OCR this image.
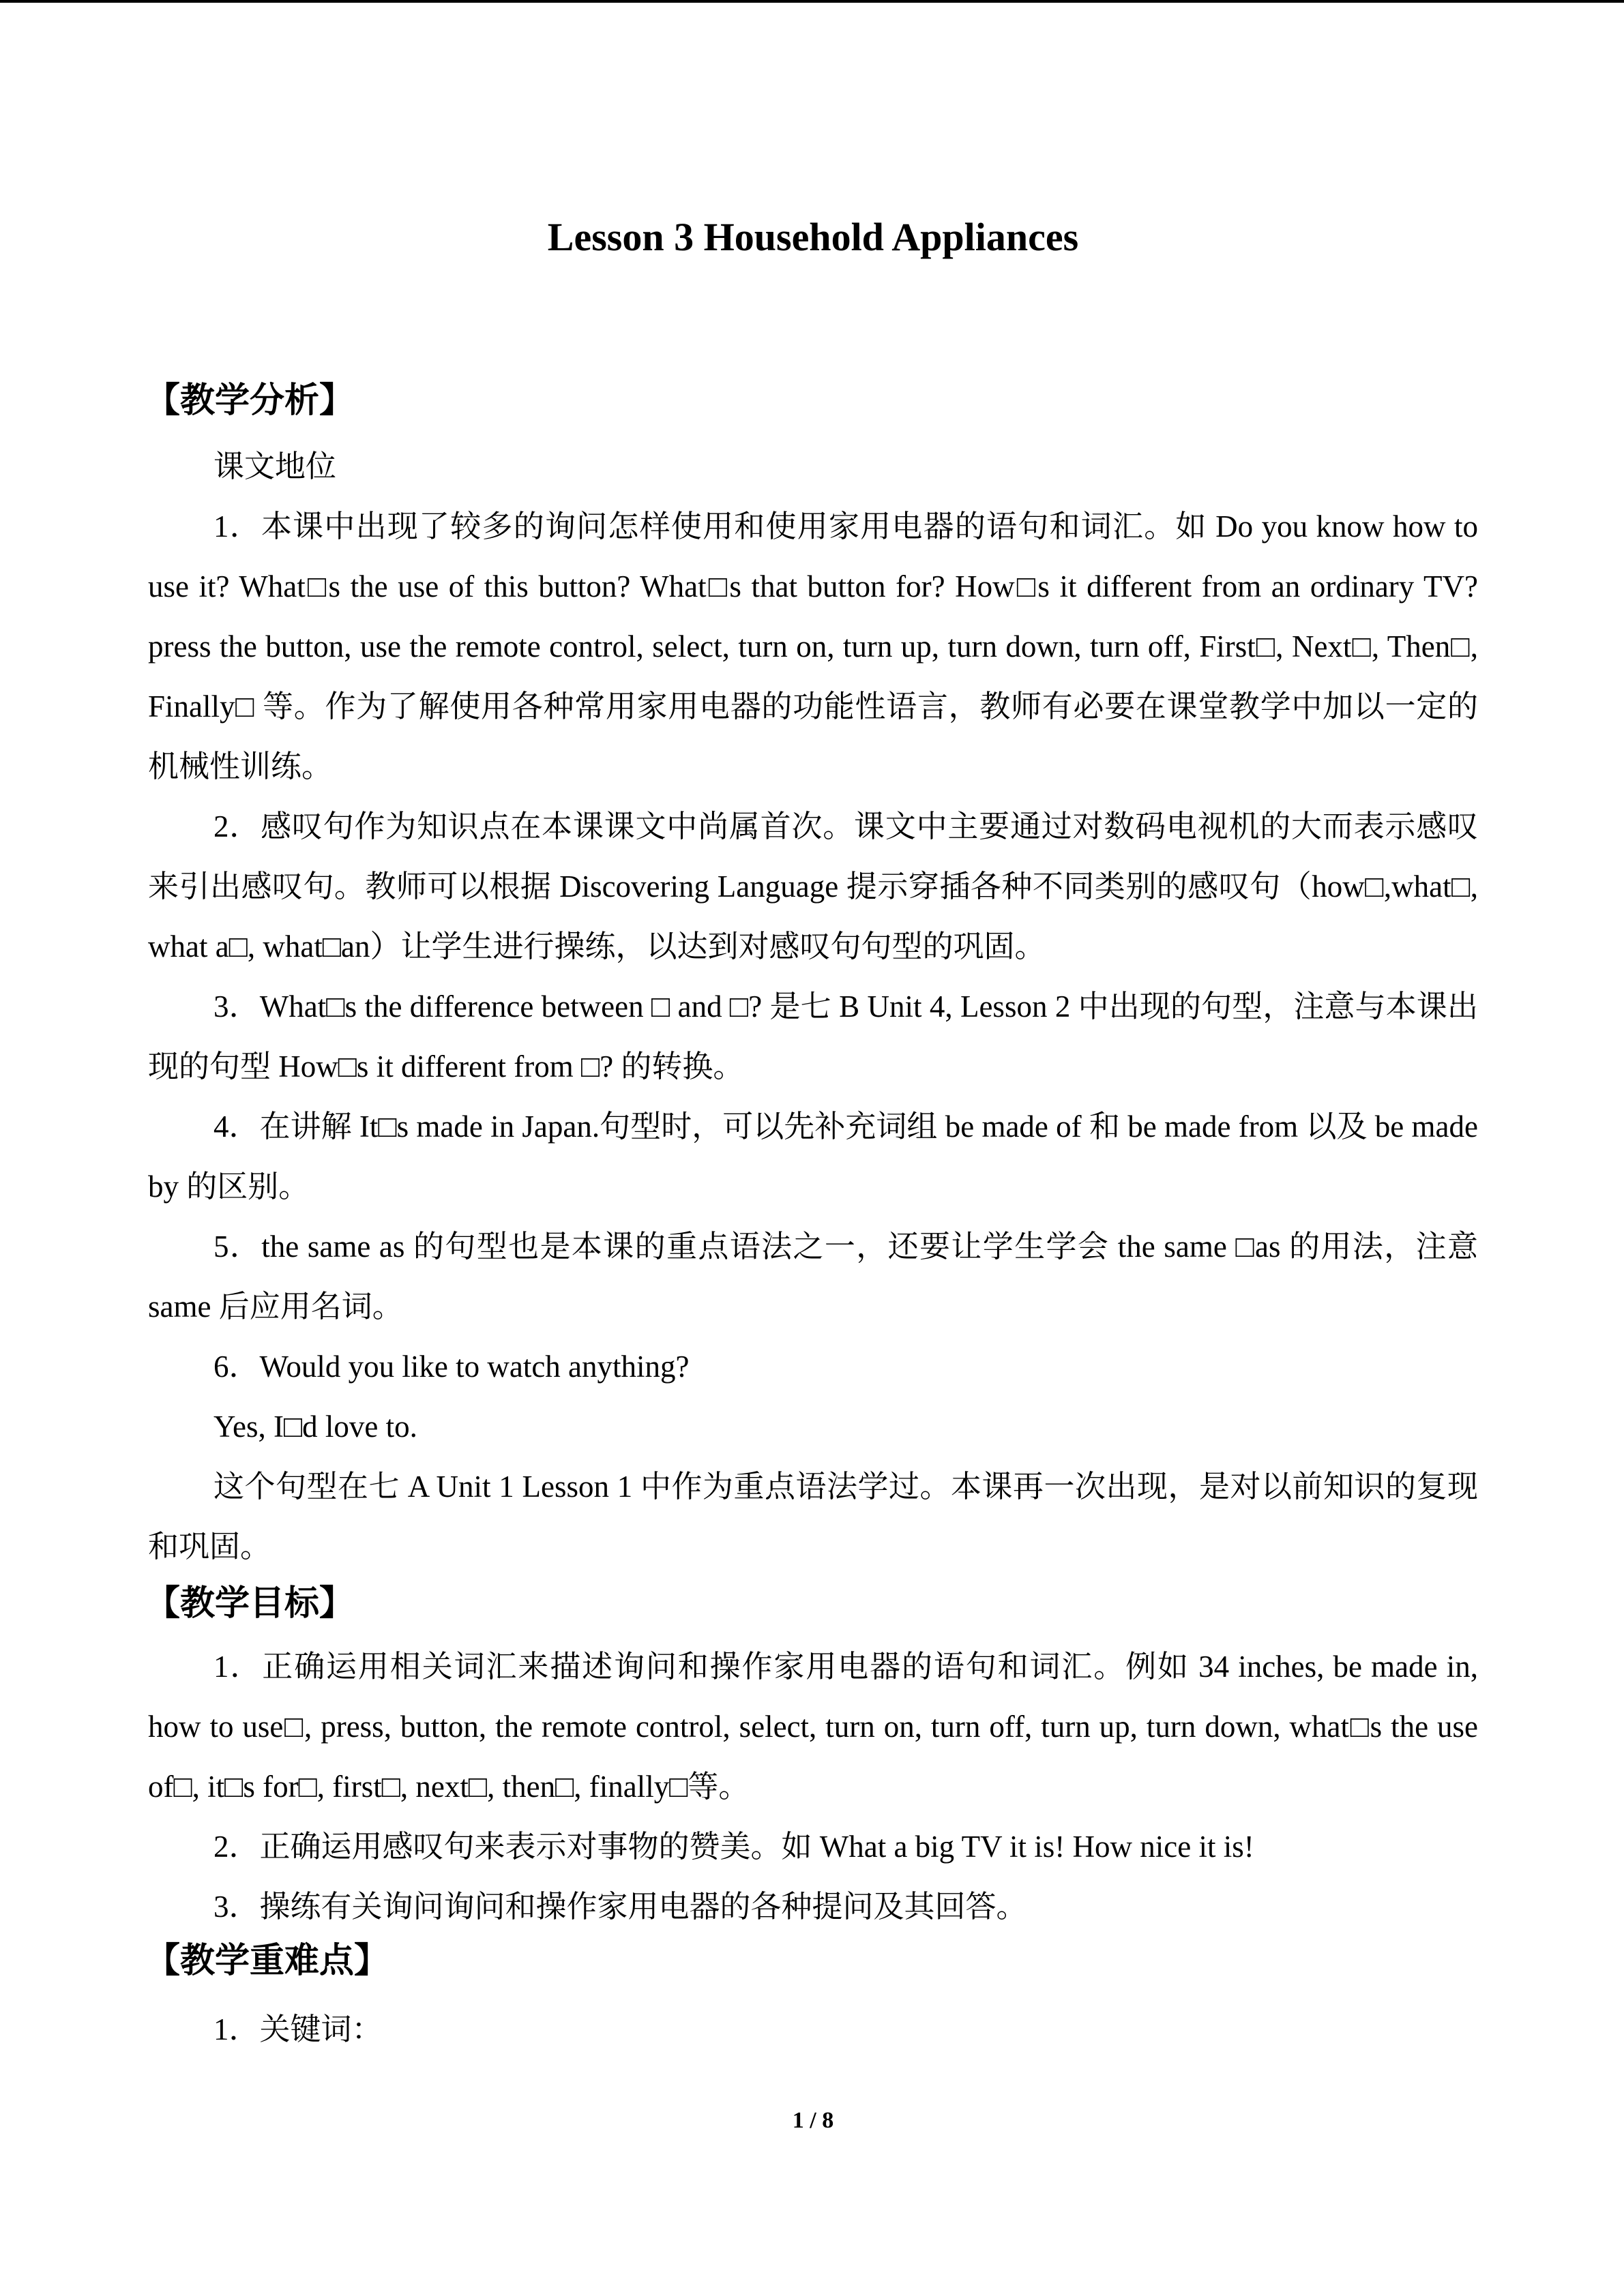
Lesson 3 Household Appliances
【教学分析】
课文地位
1．本课中出现了较多的询问怎样使用和使用家用电器的语句和词汇。如 Do you know how to use it? What□s the use of this button? What□s that button for? How□s it different from an ordinary TV? press the button, use the remote control, select, turn on, turn up, turn down, turn off, First□, Next□, Then□, Finally□ 等。作为了解使用各种常用家用电器的功能性语言，教师有必要在课堂教学中加以一定的机械性训练。
2．感叹句作为知识点在本课课文中尚属首次。课文中主要通过对数码电视机的大而表示感叹来引出感叹句。教师可以根据 Discovering Language 提示穿插各种不同类别的感叹句（how□,what□, what a□, what□an）让学生进行操练，以达到对感叹句句型的巩固。
3．What□s the difference between □ and □? 是七 B Unit 4, Lesson 2 中出现的句型，注意与本课出现的句型 How□s it different from □? 的转换。
4．在讲解 It□s made in Japan.句型时，可以先补充词组 be made of 和 be made from 以及 be made by 的区别。
5．the same as 的句型也是本课的重点语法之一，还要让学生学会 the same □as 的用法，注意 same 后应用名词。
6．Would you like to watch anything?
Yes, I□d love to.
这个句型在七 A Unit 1 Lesson 1 中作为重点语法学过。本课再一次出现，是对以前知识的复现和巩固。
【教学目标】
1．正确运用相关词汇来描述询问和操作家用电器的语句和词汇。例如 34 inches, be made in, how to use□, press, button, the remote control, select, turn on, turn off, turn up, turn down, what□s the use of□, it□s for□, first□, next□, then□, finally□等。
2．正确运用感叹句来表示对事物的赞美。如 What a big TV it is! How nice it is!
3．操练有关询问询问和操作家用电器的各种提问及其回答。
【教学重难点】
1．关键词：
1 / 8
